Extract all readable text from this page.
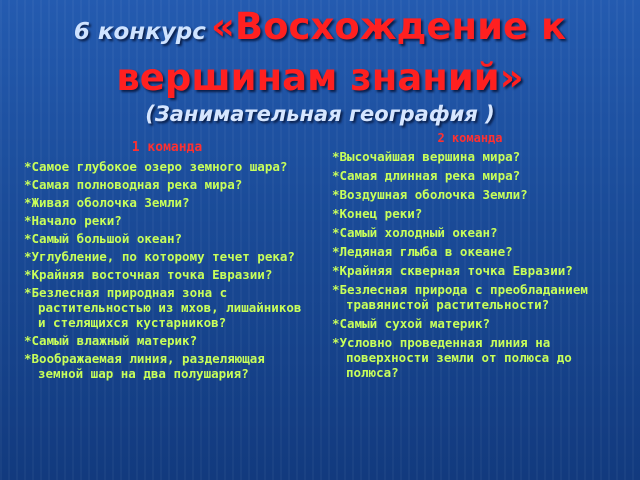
6 конкурс «Восхождение к
вершинам знаний»
(Занимательная география )
1 команда
*Самое глубокое озеро земного шара?
*Самая полноводная река мира?
*Живая оболочка Земли?
*Начало реки?
*Самый большой океан?
*Углубление, по которому течет река?
*Крайняя восточная точка Евразии?
*Безлесная природная зона с растительностью из мхов, лишайников и стелящихся кустарников?
*Самый влажный материк?
*Воображаемая линия, разделяющая земной шар на два полушария?
2 команда
*Высочайшая вершина мира?
*Самая длинная река мира?
*Воздушная оболочка Земли?
*Конец реки?
*Самый холодный океан?
*Ледяная глыба в океане?
*Крайняя скверная точка Евразии?
*Безлесная природа с преобладанием травянистой растительности?
*Самый сухой материк?
*Условно проведенная линия на поверхности земли от полюса до полюса?
